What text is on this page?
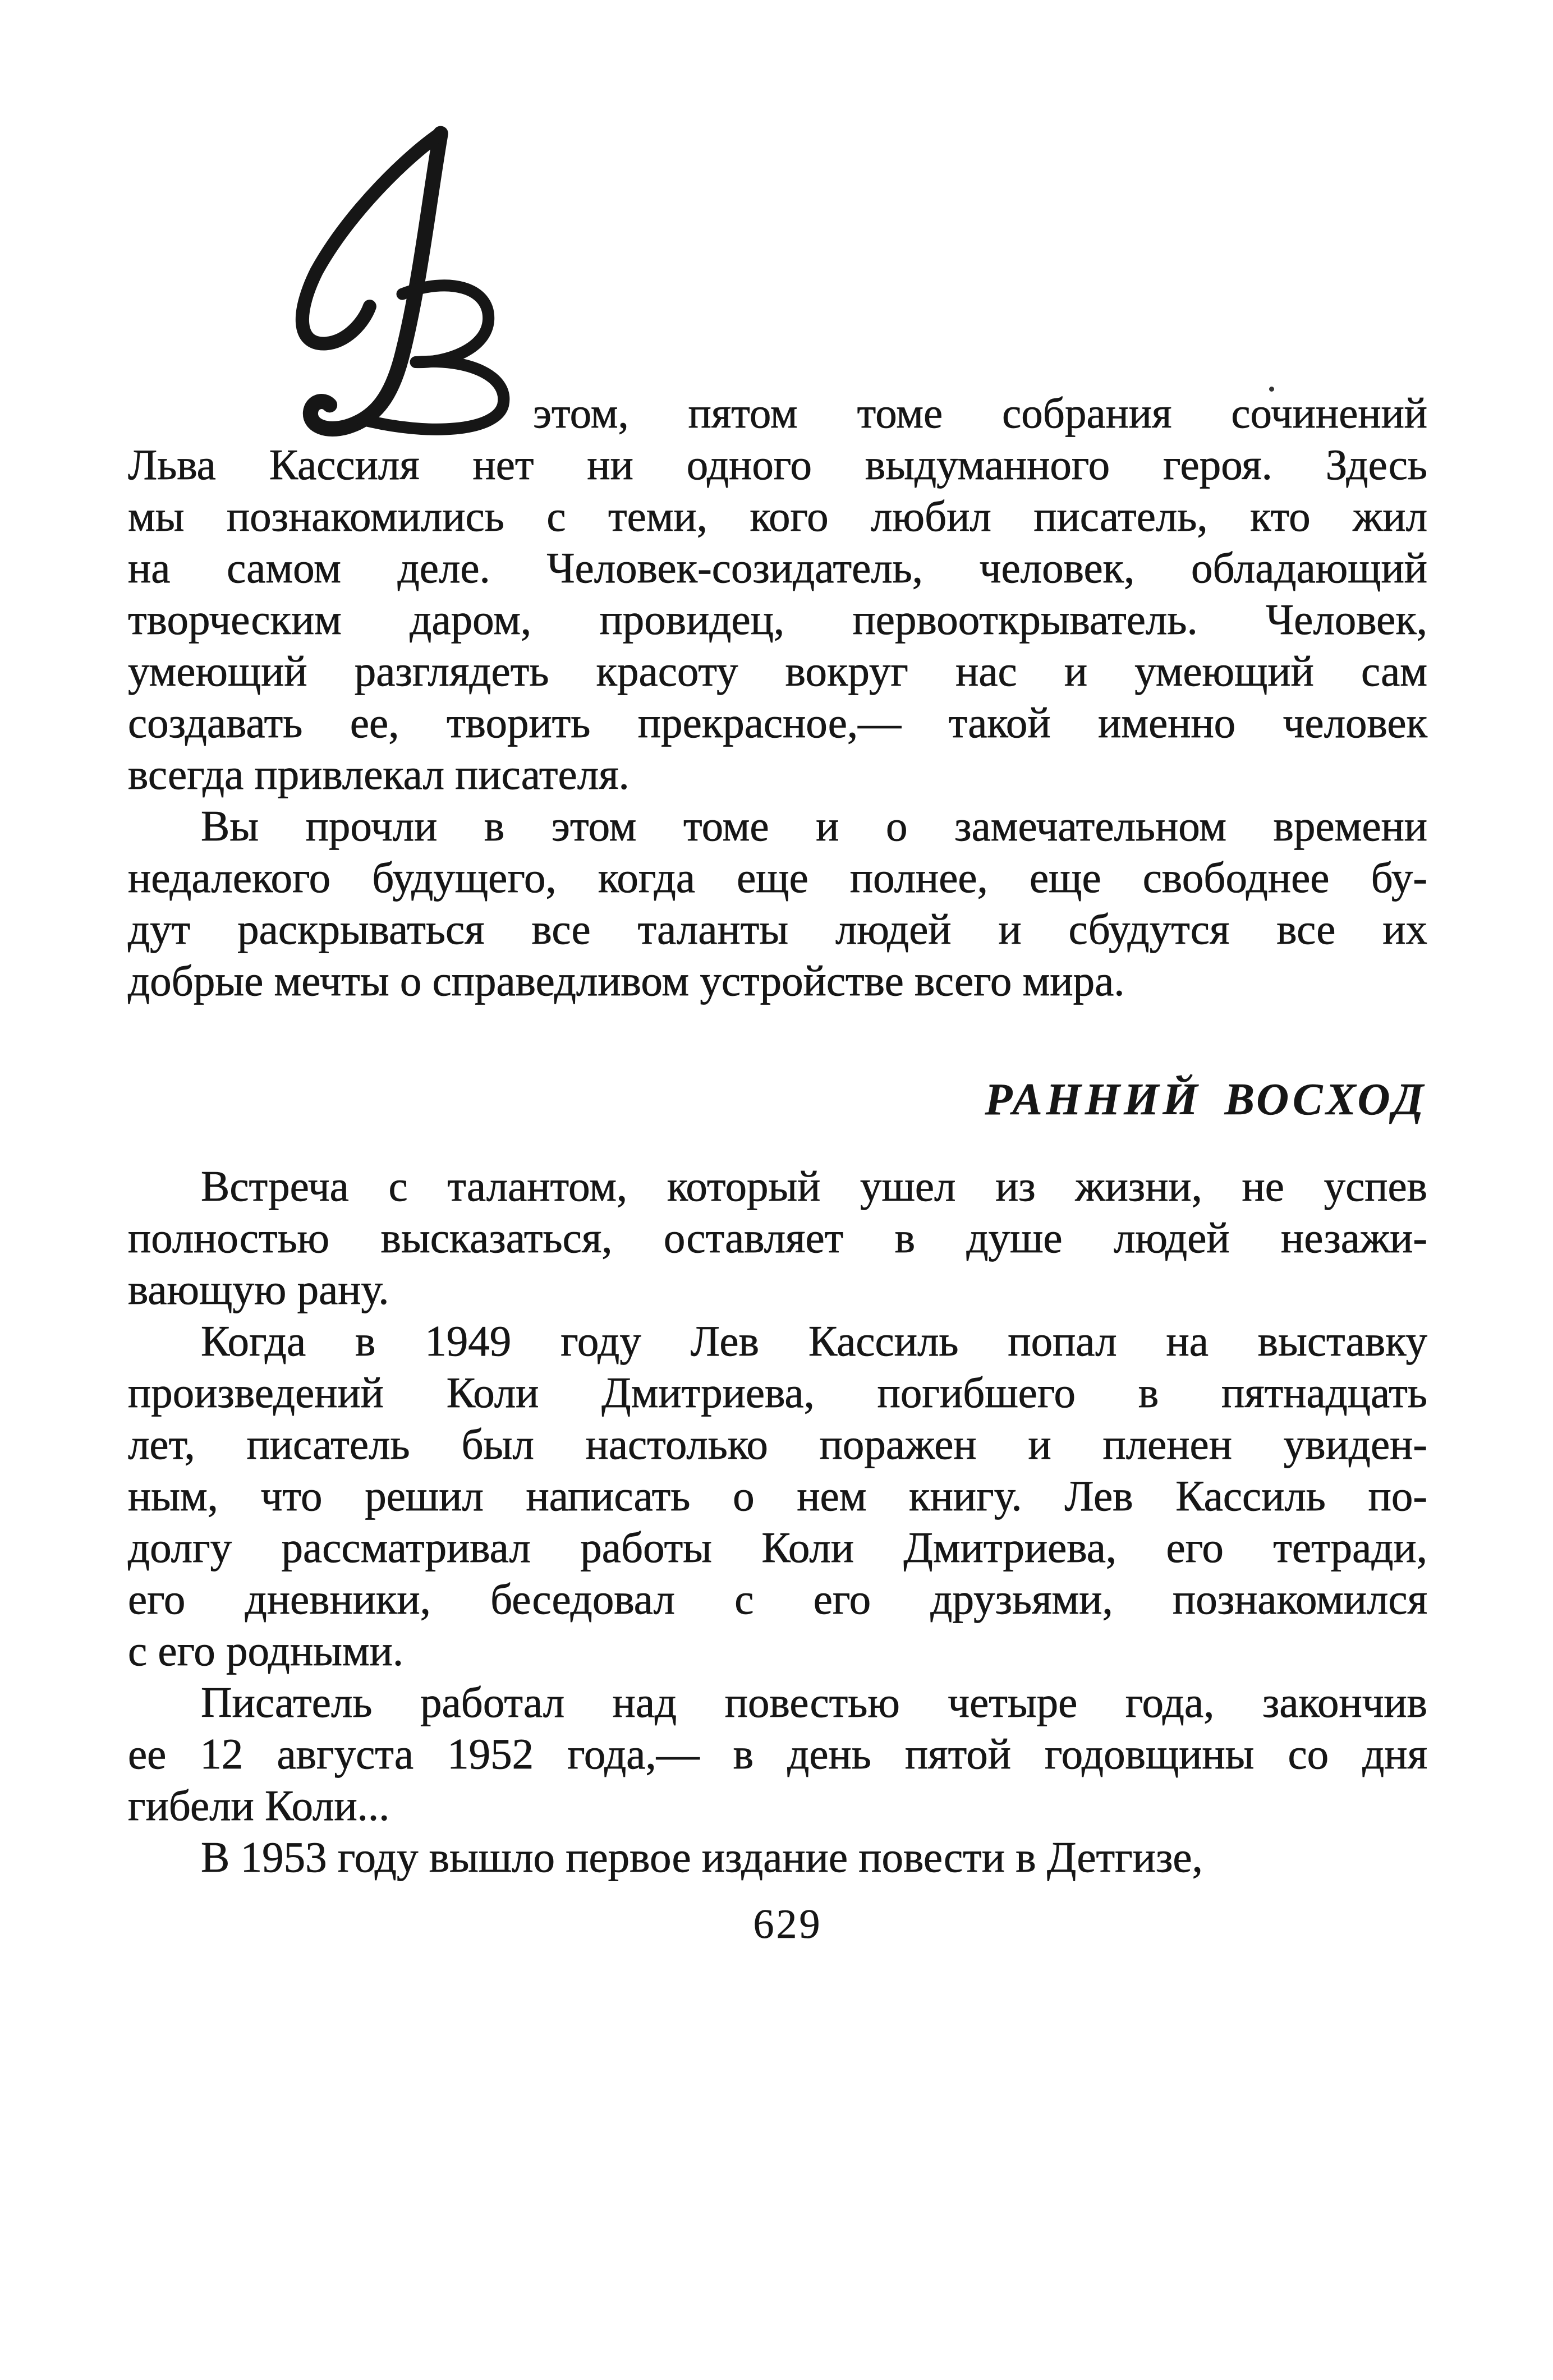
этом, пятом томе собрания сочинений
Льва Кассиля нет ни одного выдуманного героя. Здесь
мы познакомились с теми, кого любил писатель, кто жил
на самом деле. Человек-созидатель, человек, обладающий
творческим даром, провидец, первооткрыватель. Человек,
умеющий разглядеть красоту вокруг нас и умеющий сам
создавать ее, творить прекрасное,— такой именно человек
всегда привлекал писателя.
Вы прочли в этом томе и о замечательном времени
недалекого будущего, когда еще полнее, еще свободнее бу-
дут раскрываться все таланты людей и сбудутся все их
добрые мечты о справедливом устройстве всего мира.
РАННИЙ ВОСХОД
Встреча с талантом, который ушел из жизни, не успев
полностью высказаться, оставляет в душе людей незажи-
вающую рану.
Когда в 1949 году Лев Кассиль попал на выставку
произведений Коли Дмитриева, погибшего в пятнадцать
лет, писатель был настолько поражен и пленен увиден-
ным, что решил написать о нем книгу. Лев Кассиль по-
долгу рассматривал работы Коли Дмитриева, его тетради,
его дневники, беседовал с его друзьями, познакомился
с его родными.
Писатель работал над повестью четыре года, закончив
ее 12 августа 1952 года,— в день пятой годовщины со дня
гибели Коли...
В 1953 году вышло первое издание повести в Детгизе,
629
